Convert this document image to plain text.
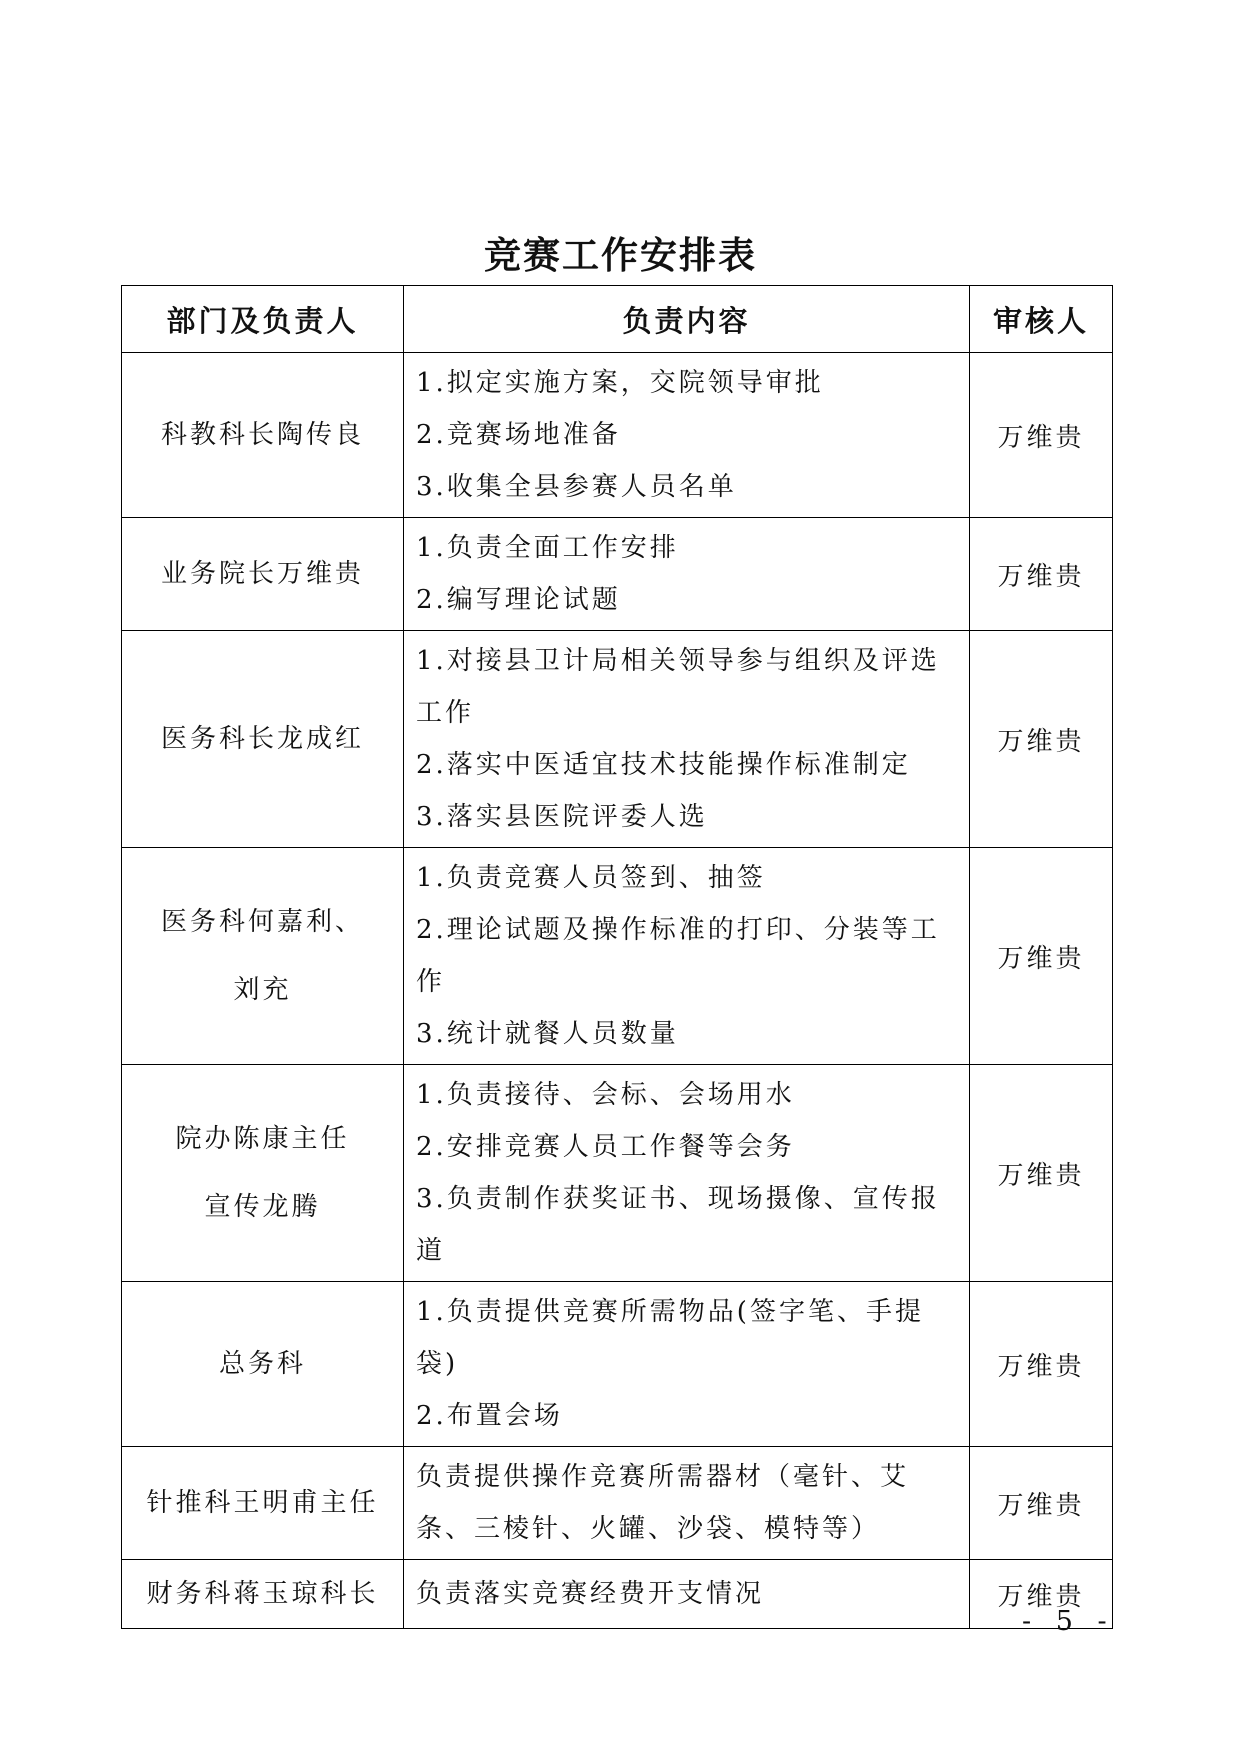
竞赛工作安排表
部门及负责人	负责内容	审核人

科教科长陶传良	1.拟定实施方案，交院领导审批
2.竞赛场地准备
3.收集全县参赛人员名单	万维贵

业务院长万维贵	1.负责全面工作安排
2.编写理论试题	万维贵

医务科长龙成红	1.对接县卫计局相关领导参与组织及评选工作
2.落实中医适宜技术技能操作标准制定
3.落实县医院评委人选	万维贵

医务科何嘉利、
刘充	1.负责竞赛人员签到、抽签
2.理论试题及操作标准的打印、分装等工作
3.统计就餐人员数量	万维贵

院办陈康主任
宣传龙腾	1.负责接待、会标、会场用水
2.安排竞赛人员工作餐等会务
3.负责制作获奖证书、现场摄像、宣传报道	万维贵

总务科	1.负责提供竞赛所需物品(签字笔、手提袋)
2.布置会场	万维贵

针推科王明甫主任	负责提供操作竞赛所需器材（毫针、艾条、三棱针、火罐、沙袋、模特等）	万维贵

财务科蒋玉琼科长	负责落实竞赛经费开支情况	万维贵
- 5 -
